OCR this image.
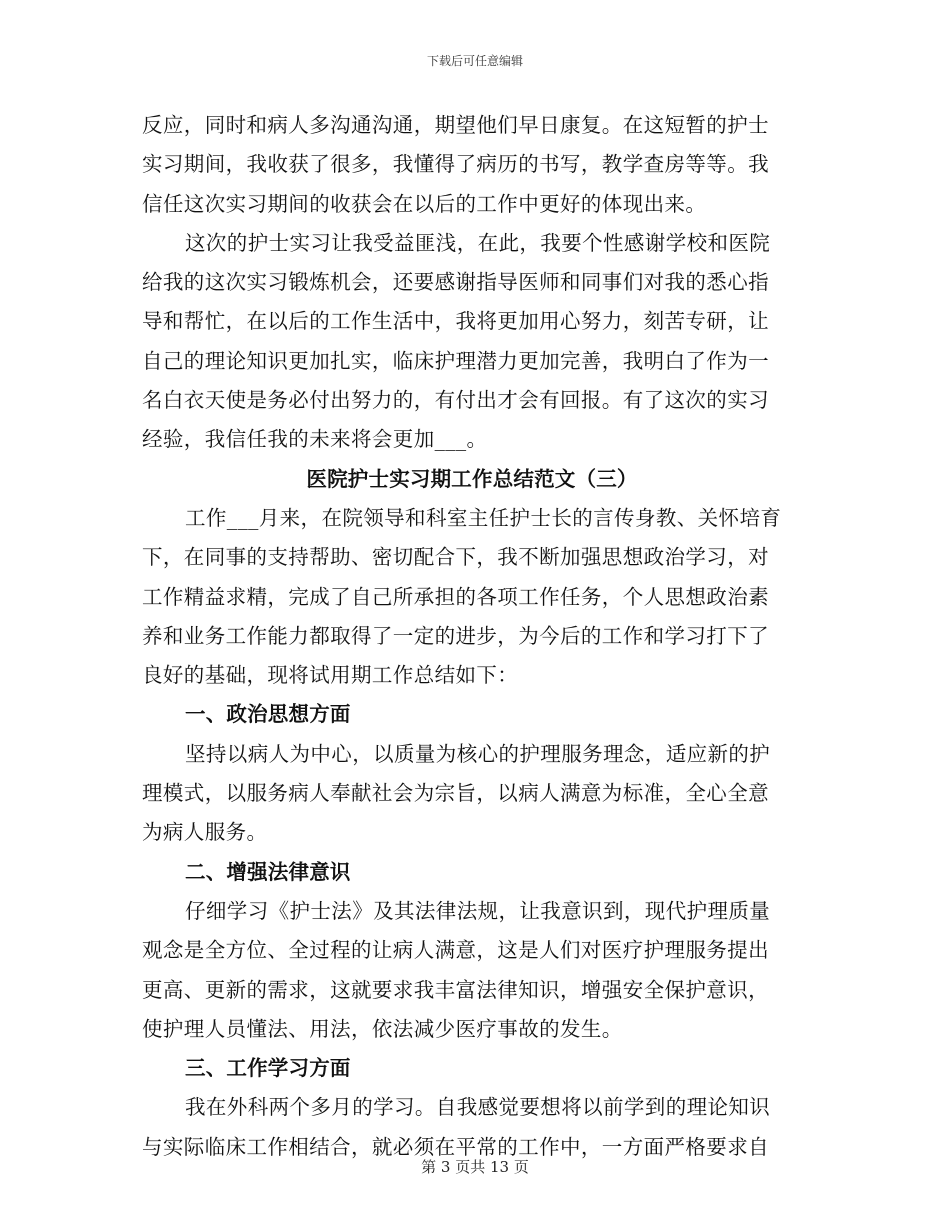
下载后可任意编辑
反应，同时和病人多沟通沟通，期望他们早日康复。在这短暂的护士
实习期间，我收获了很多，我懂得了病历的书写，教学查房等等。我
信任这次实习期间的收获会在以后的工作中更好的体现出来。
这次的护士实习让我受益匪浅，在此，我要个性感谢学校和医院
给我的这次实习锻炼机会，还要感谢指导医师和同事们对我的悉心指
导和帮忙，在以后的工作生活中，我将更加用心努力，刻苦专研，让
自己的理论知识更加扎实，临床护理潜力更加完善，我明白了作为一
名白衣天使是务必付出努力的，有付出才会有回报。有了这次的实习
经验，我信任我的未来将会更加___。
医院护士实习期工作总结范文（三）
工作___月来，在院领导和科室主任护士长的言传身教、关怀培育
下，在同事的支持帮助、密切配合下，我不断加强思想政治学习，对
工作精益求精，完成了自己所承担的各项工作任务，个人思想政治素
养和业务工作能力都取得了一定的进步，为今后的工作和学习打下了
良好的基础，现将试用期工作总结如下：
一、政治思想方面
坚持以病人为中心，以质量为核心的护理服务理念，适应新的护
理模式，以服务病人奉献社会为宗旨，以病人满意为标准，全心全意
为病人服务。
二、增强法律意识
仔细学习《护士法》及其法律法规，让我意识到，现代护理质量
观念是全方位、全过程的让病人满意，这是人们对医疗护理服务提出
更高、更新的需求，这就要求我丰富法律知识，增强安全保护意识，
使护理人员懂法、用法，依法减少医疗事故的发生。
三、工作学习方面
我在外科两个多月的学习。自我感觉要想将以前学到的理论知识
与实际临床工作相结合，就必须在平常的工作中，一方面严格要求自
第 3 页共 13 页
